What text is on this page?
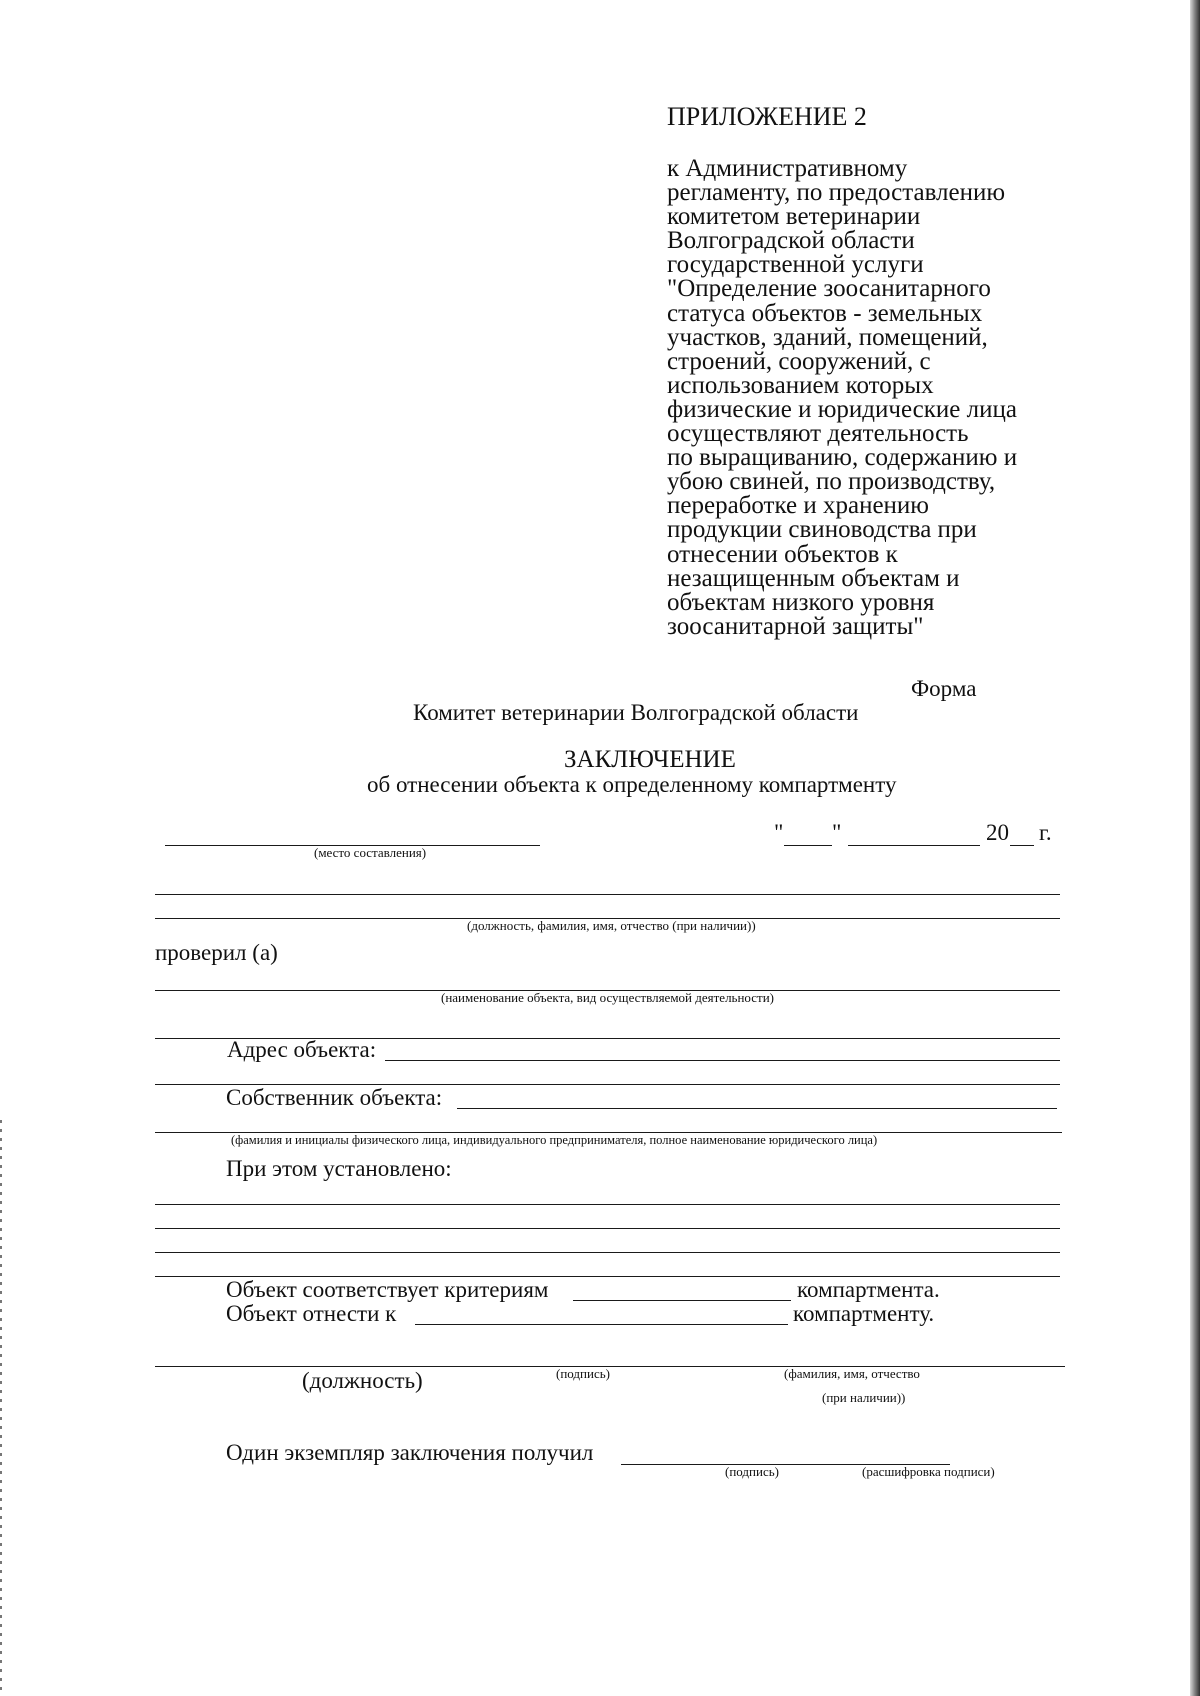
ПРИЛОЖЕНИЕ 2
к Административному
регламенту, по предоставлению
комитетом ветеринарии
Волгоградской области
государственной услуги
"Определение зоосанитарного
статуса объектов - земельных
участков, зданий, помещений,
строений, сооружений, с
использованием которых
физические и юридические лица
осуществляют деятельность
по выращиванию, содержанию и
убою свиней, по производству,
переработке и хранению
продукции свиноводства при
отнесении объектов к
незащищенным объектам и
объектам низкого уровня
зоосанитарной защиты"
Форма
Комитет ветеринарии Волгоградской области
ЗАКЛЮЧЕНИЕ
об отнесении объекта к определенному компартменту
(место составления)
" "	20 г.
(должность, фамилия, имя, отчество (при наличии))
проверил (а)
(наименование объекта, вид осуществляемой деятельности)
Адрес объекта:
Собственник объекта:
(фамилия и инициалы физического лица, индивидуального предпринимателя, полное наименование юридического лица)
При этом установлено:
Объект соответствует критериям	компартмента.
Объект отнести к	компартменту.
(должность)	(подпись)	(фамилия, имя, отчество
(при наличии))
Один экземпляр заключения получил
(подпись)	(расшифровка подписи)
